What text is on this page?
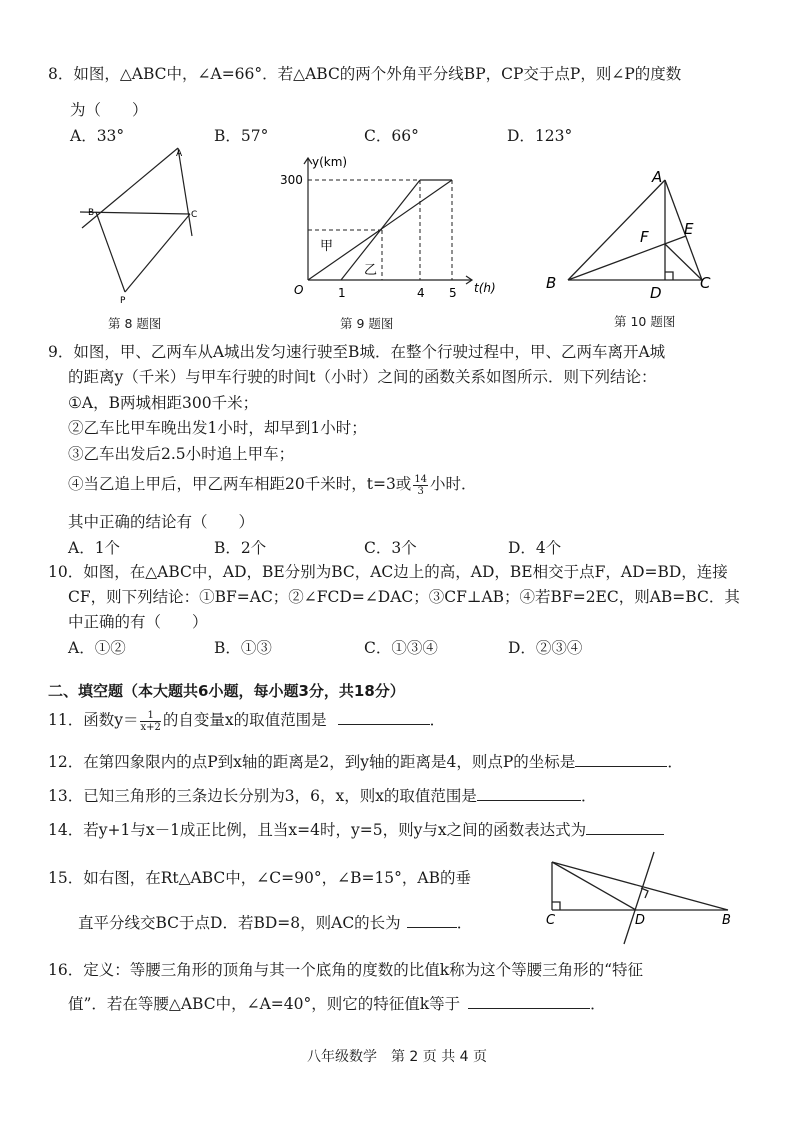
8．如图，△ABC中，∠A=66°．若△ABC的两个外角平分线BP，CP交于点P，则∠P的度数
为（　　）
A．33°	B．57°	C．66°	D．123°
A
B	C
P
第 8 题图
y(km)
t(h)
300
O	1	4 5
甲
乙
第 9 题图
A
B	C
D
E
F
第 10 题图
9．如图，甲、乙两车从A城出发匀速行驶至B城．在整个行驶过程中，甲、乙两车离开A城
的距离y（千米）与甲车行驶的时间t（小时）之间的函数关系如图所示．则下列结论：
①A，B两城相距300千米；
②乙车比甲车晚出发1小时，却早到1小时；
③乙车出发后2.5小时追上甲车；
④当乙追上甲后，甲乙两车相距20千米时，t=3或 $\frac{14}{3}$ 小时．
其中正确的结论有（　　）
A．1个	B．2个	C．3个	D．4个
10．如图，在△ABC中，AD，BE分别为BC，AC边上的高，AD，BE相交于点F，AD=BD，连接
CF，则下列结论：①BF=AC；②∠FCD=∠DAC；③CF⊥AB；④若BF=2EC，则AB=BC．其
中正确的有（　　）
A．①②	B．①③	C．①③④	D．②③④
二、填空题（本大题共6小题，每小题3分，共18分）
11．函数$y= \frac{1}{x+2}$ 的自变量x的取值范围是	．
12．在第四象限内的点P到x轴的距离是2，到y轴的距离是4，则点P的坐标是	．
13．已知三角形的三条边长分别为3，6，x，则x的取值范围是	．
14．若y+1与x－1成正比例，且当x=4时，y=5，则y与x之间的函数表达式为
15．如右图，在Rt△ABC中，∠C=90°，∠B=15°，AB的垂
直平分线交BC于点D．若BD=8，则AC的长为	．	C	D	B
16．定义：等腰三角形的顶角与其一个底角的度数的比值k称为这个等腰三角形的“特征
值”．若在等腰△ABC中，∠A=40°，则它的特征值k等于	．
八年级数学　第 2 页 共 4 页
